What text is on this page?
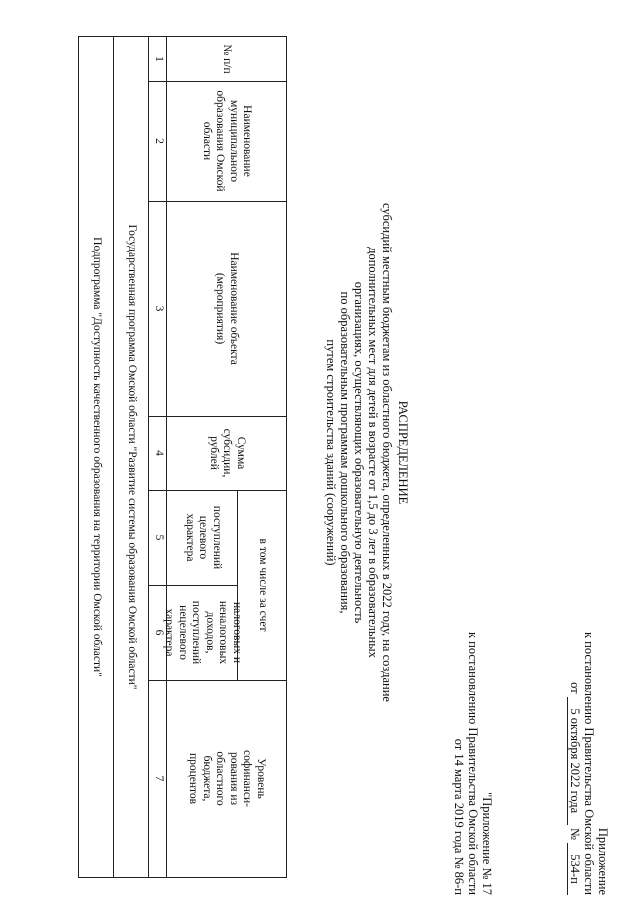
Приложение
к постановлению Правительства Омской области
от 5 октября 2022 года № 534-п
"Приложение № 17
к постановлению Правительства Омской области
от 14 марта 2019 года № 86-п
РАСПРЕДЕЛЕНИЕ
субсидий местным бюджетам из областного бюджета, определенных в 2022 году, на создание
дополнительных мест для детей в возрасте от 1,5 до 3 лет в образовательных
организациях, осуществляющих образовательную деятельность
по образовательным программам дошкольного образования,
путем строительства зданий (сооружений)
№ п/п
Наименование муниципального образования Омской области
Наименование объекта (мероприятия)
Сумма субсидии, рублей
в том числе за счет
поступлений целевого характера
налоговых и неналоговых доходов, поступлений нецелевого характера
Уровень софинанси-рования из областного бюджета, процентов
1
2
3
4
5
6
7
Государственная программа Омской области "Развитие системы образования Омской области"
Подпрограмма "Доступность качественного образования на территории Омской области"
